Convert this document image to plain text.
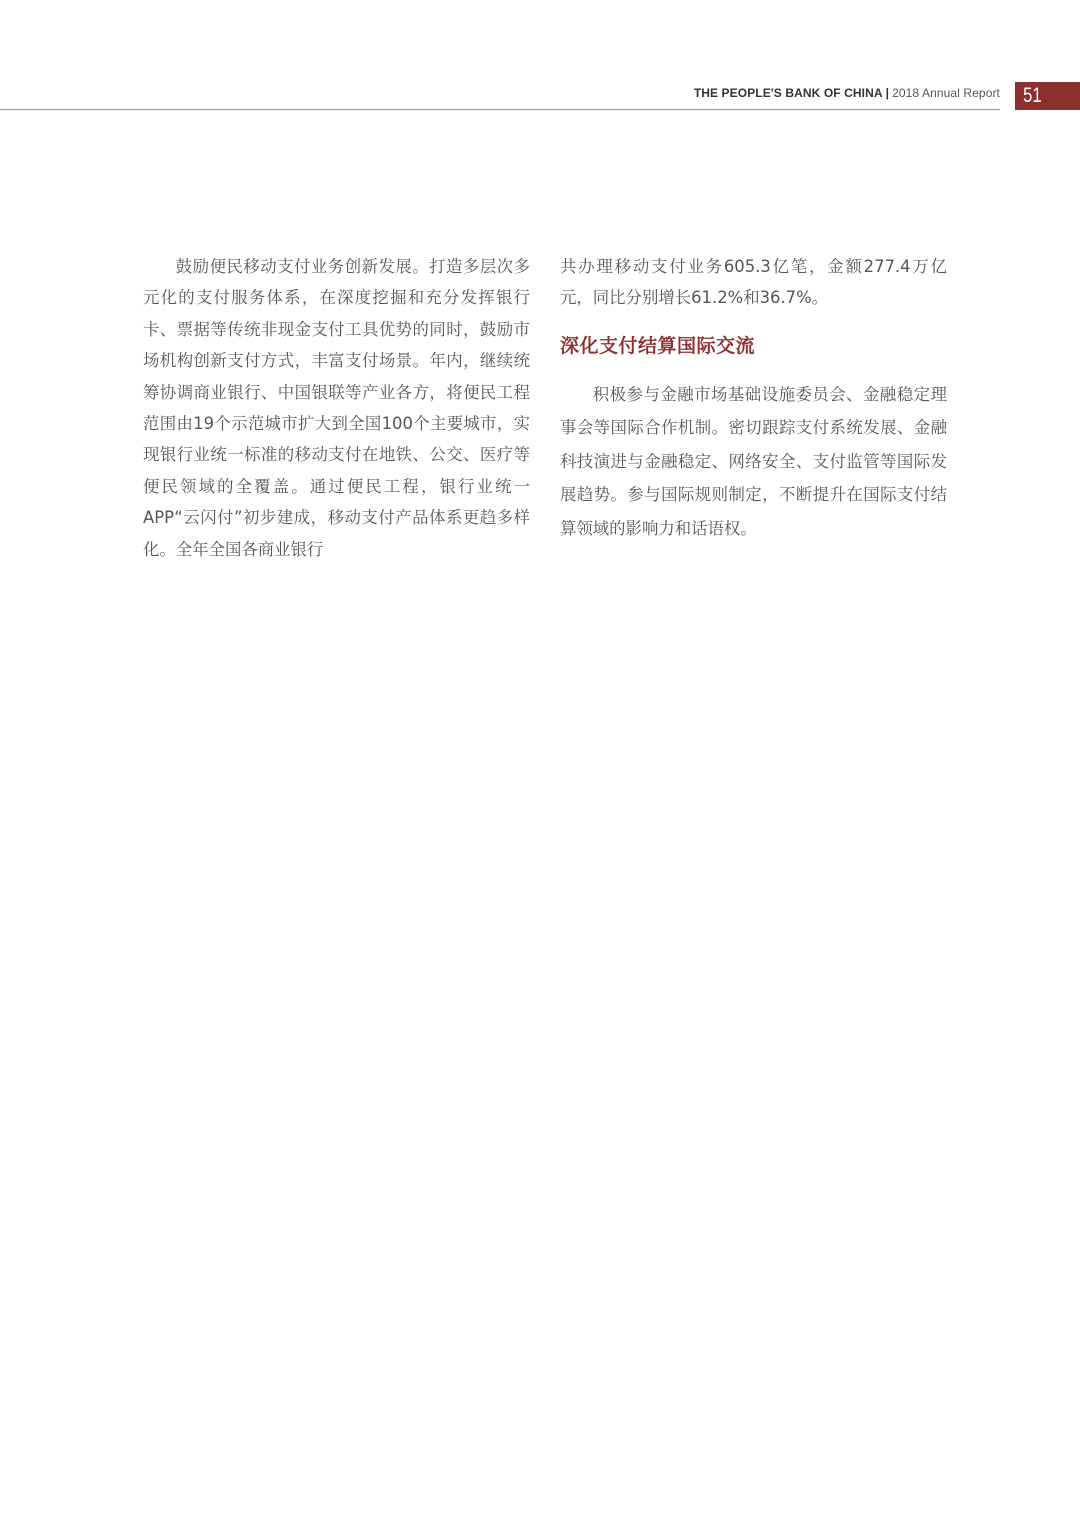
THE PEOPLE'S BANK OF CHINA | 2018 Annual Report 51

鼓励便民移动支付业务创新发展。打造多层次多元化的支付服务体系，在深度挖掘和充分发挥银行卡、票据等传统非现金支付工具优势的同时，鼓励市场机构创新支付方式，丰富支付场景。年内，继续统筹协调商业银行、中国银联等产业各方，将便民工程范围由19个示范城市扩大到全国100个主要城市，实现银行业统一标准的移动支付在地铁、公交、医疗等便民领域的全覆盖。通过便民工程，银行业统一APP“云闪付”初步建成，移动支付产品体系更趋多样化。全年全国各商业银行

共办理移动支付业务605.3亿笔，金额277.4万亿元，同比分别增长61.2%和36.7%。

深化支付结算国际交流

积极参与金融市场基础设施委员会、金融稳定理事会等国际合作机制。密切跟踪支付系统发展、金融科技演进与金融稳定、网络安全、支付监管等国际发展趋势。参与国际规则制定，不断提升在国际支付结算领域的影响力和话语权。
